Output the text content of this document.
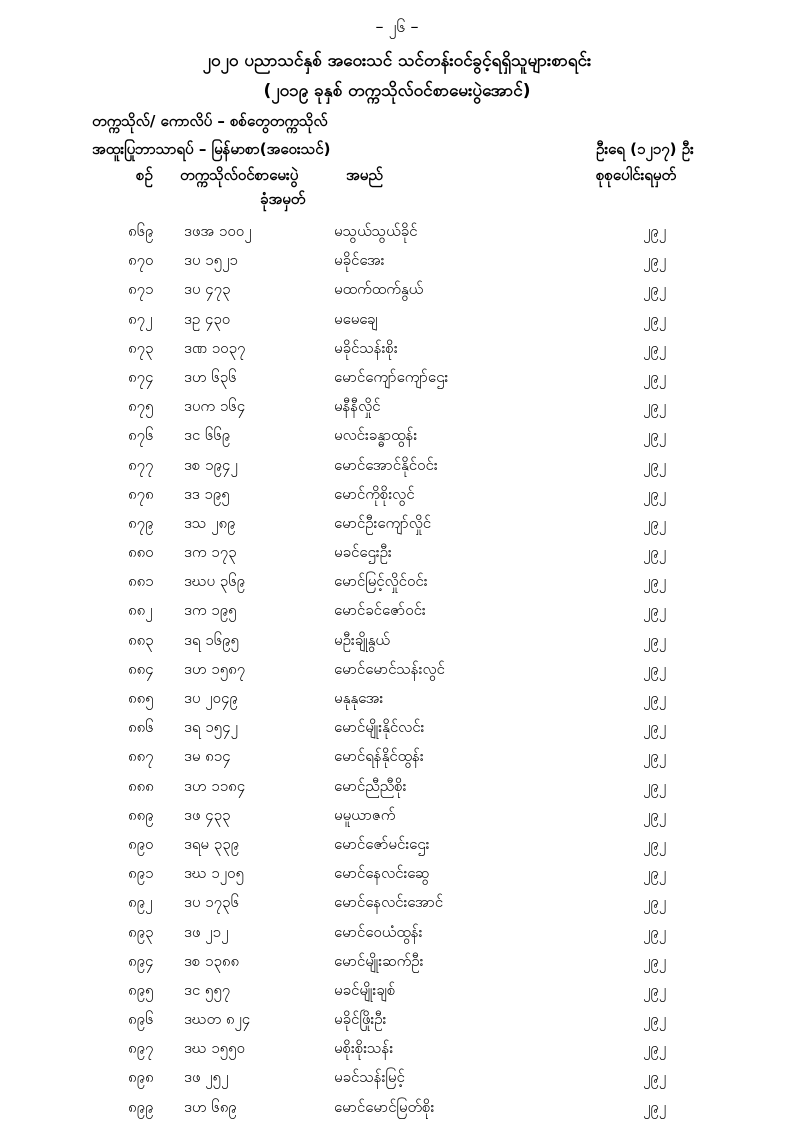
– ၂၆ –
၂၀၂၀ ပညာသင်နှစ် အဝေးသင် သင်တန်းဝင်ခွင့်ရရှိသူများစာရင်း
(၂၀၁၉ ခုနှစ် တက္ကသိုလ်ဝင်စာမေးပွဲအောင်)
တက္ကသိုလ်/ ကောလိပ် – စစ်တွေတက္ကသိုလ်
အထူးပြုဘာသာရပ် – မြန်မာစာ(အဝေးသင်)	ဦးရေ (၁၂၁၇) ဦး
စဉ် တက္ကသိုလ်ဝင်စာမေးပွဲ
ခုံအမှတ်
အမည်	စုစုပေါင်းရမှတ်
၈၆၉ ဒဖအ ၁၀၀၂	မသွယ်သွယ်ခိုင်	၂၉၂
၈၇၀ ဒပ ၁၅၂၁	မခိုင်အေး	၂၉၂
၈၇၁ ဒပ ၄၇၃	မထက်ထက်နွယ်	၂၉၂
၈၇၂ ဒဥ ၄၃၀	မမေချေ	၂၉၂
၈၇၃ ဒဏ ၁၀၃၇	မခိုင်သန်းစိုး	၂၉၂
၈၇၄ ဒဟ ၆၃၆	မောင်ကျော်ကျော်ဌေး	၂၉၂
၈၇၅ ဒပက ၁၆၄	မနီနီလှိုင်	၂၉၂
၈၇၆ ဒင ၆၆၉	မလင်းခန္ဓာထွန်း	၂၉၂
၈၇၇ ဒစ ၁၉၄၂	မောင်အောင်နိုင်ဝင်း	၂၉၂
၈၇၈ ဒဒ ၁၉၅	မောင်ကိုစိုးလွင်	၂၉၂
၈၇၉ ဒသ ၂၈၉	မောင်ဦးကျော်လှိုင်	၂၉၂
၈၈၀ ဒက ၁၇၃	မခင်ဌေးဦး	၂၉၂
၈၈၁ ဒဃပ ၃၆၉	မောင်မြင့်လှိုင်ဝင်း	၂၉၂
၈၈၂ ဒက ၁၉၅	မောင်ခင်ဇော်ဝင်း	၂၉၂
၈၈၃ ဒရ ၁၆၉၅	မဦးချိုနွယ်	၂၉၂
၈၈၄ ဒဟ ၁၅၈၇	မောင်မောင်သန်းလွင်	၂၉၂
၈၈၅ ဒပ ၂၀၄၉	မနုနုအေး	၂၉၂
၈၈၆ ဒရ ၁၅၄၂	မောင်မျိုးနိုင်လင်း	၂၉၂
၈၈၇ ဒမ ၈၁၄	မောင်ရန်နိုင်ထွန်း	၂၉၂
၈၈၈ ဒဟ ၁၁၈၄	မောင်ညီညီစိုး	၂၉၂
၈၈၉ ဒဖ ၄၃၃	မမူယာဇက်	၂၉၂
၈၉၀ ဒရမ ၃၃၉	မောင်ဇော်မင်းဌေး	၂၉၂
၈၉၁ ဒဃ ၁၂၀၅	မောင်နေလင်းဆွေ	၂၉၂
၈၉၂ ဒပ ၁၇၃၆	မောင်နေလင်းအောင်	၂၉၂
၈၉၃ ဒဖ ၂၁၂	မောင်ဝေယံထွန်း	၂၉၂
၈၉၄ ဒစ ၁၃၈၈	မောင်မျိုးဆက်ဦး	၂၉၂
၈၉၅ ဒင ၅၅၇	မခင်မျိုးချစ်	၂၉၂
၈၉၆ ဒဃတ ၈၂၄	မခိုင်ဖြိုးဦး	၂၉၂
၈၉၇ ဒဃ ၁၅၅၀	မစိုးစိုးသန်း	၂၉၂
၈၉၈ ဒဖ ၂၅၂	မခင်သန်းမြင့်	၂၉၂
၈၉၉ ဒဟ ၆၈၉	မောင်မောင်မြတ်စိုး	၂၉၂
